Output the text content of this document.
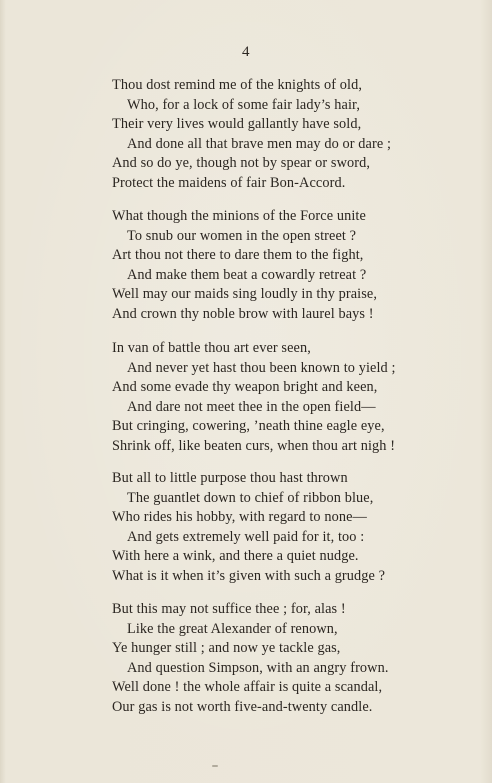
4
Thou dost remind me of the knights of old,
Who, for a lock of some fair lady’s hair,
Their very lives would gallantly have sold,
And done all that brave men may do or dare ;
And so do ye, though not by spear or sword,
Protect the maidens of fair Bon-Accord.
What though the minions of the Force unite
To snub our women in the open street ?
Art thou not there to dare them to the fight,
And make them beat a cowardly retreat ?
Well may our maids sing loudly in thy praise,
And crown thy noble brow with laurel bays !
In van of battle thou art ever seen,
And never yet hast thou been known to yield ;
And some evade thy weapon bright and keen,
And dare not meet thee in the open field—
But cringing, cowering, ’neath thine eagle eye,
Shrink off, like beaten curs, when thou art nigh !
But all to little purpose thou hast thrown
The guantlet down to chief of ribbon blue,
Who rides his hobby, with regard to none—
And gets extremely well paid for it, too :
With here a wink, and there a quiet nudge.
What is it when it’s given with such a grudge ?
But this may not suffice thee ; for, alas !
Like the great Alexander of renown,
Ye hunger still ; and now ye tackle gas,
And question Simpson, with an angry frown.
Well done ! the whole affair is quite a scandal,
Our gas is not worth five-and-twenty candle.
